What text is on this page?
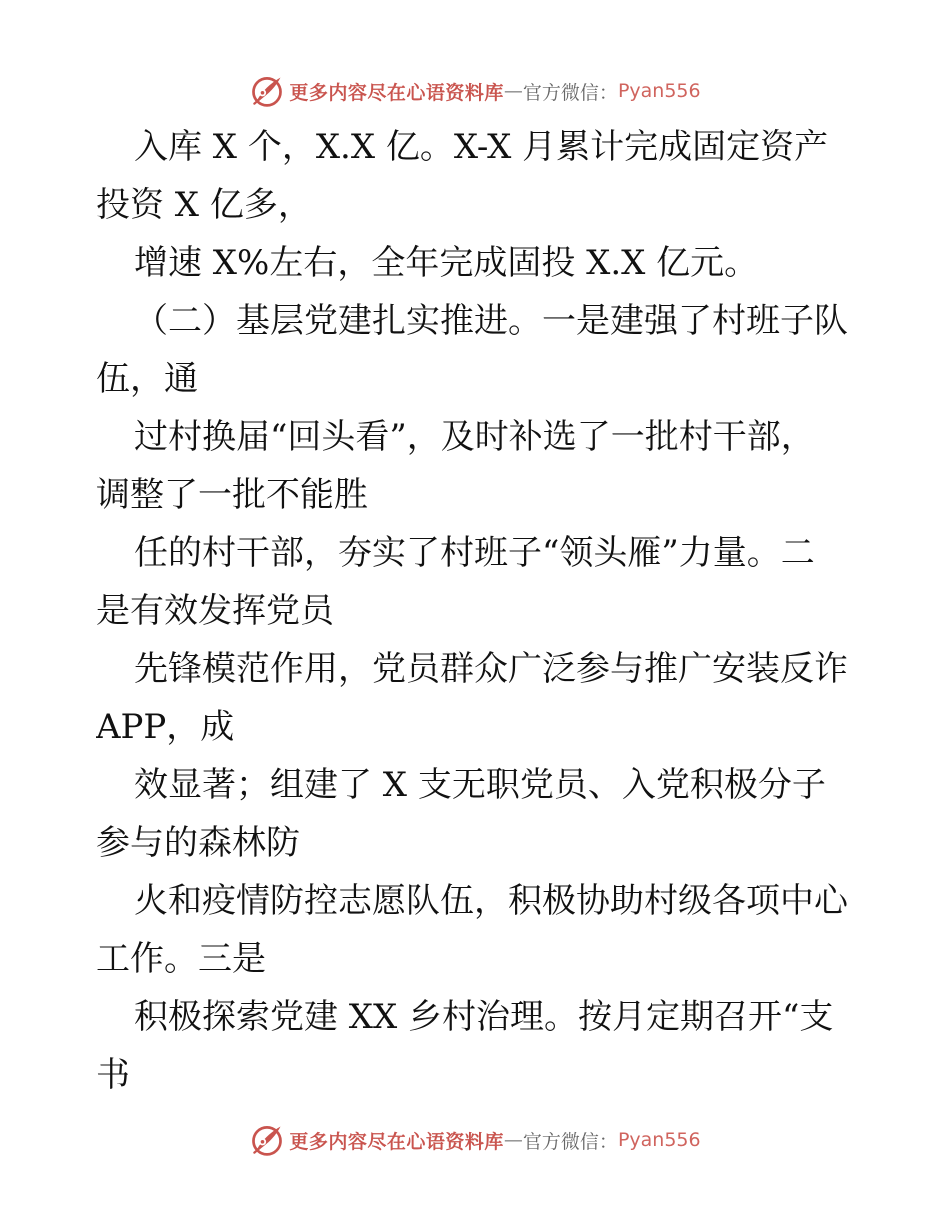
更多内容尽在心语资料库 — 官方微信： Pyan556
入库 X 个，X.X 亿。X-X 月累计完成固定资产
投资 X 亿多，
增速 X%左右，全年完成固投 X.X 亿元。
（二）基层党建扎实推进。一是建强了村班子队
伍，通
过村换届“回头看”，及时补选了一批村干部，
调整了一批不能胜
任的村干部，夯实了村班子“领头雁”力量。二
是有效发挥党员
先锋模范作用，党员群众广泛参与推广安装反诈
APP，成
效显著；组建了 X 支无职党员、入党积极分子
参与的森林防
火和疫情防控志愿队伍，积极协助村级各项中心
工作。三是
积极探索党建 XX 乡村治理。按月定期召开“支
书
更多内容尽在心语资料库 — 官方微信： Pyan556
